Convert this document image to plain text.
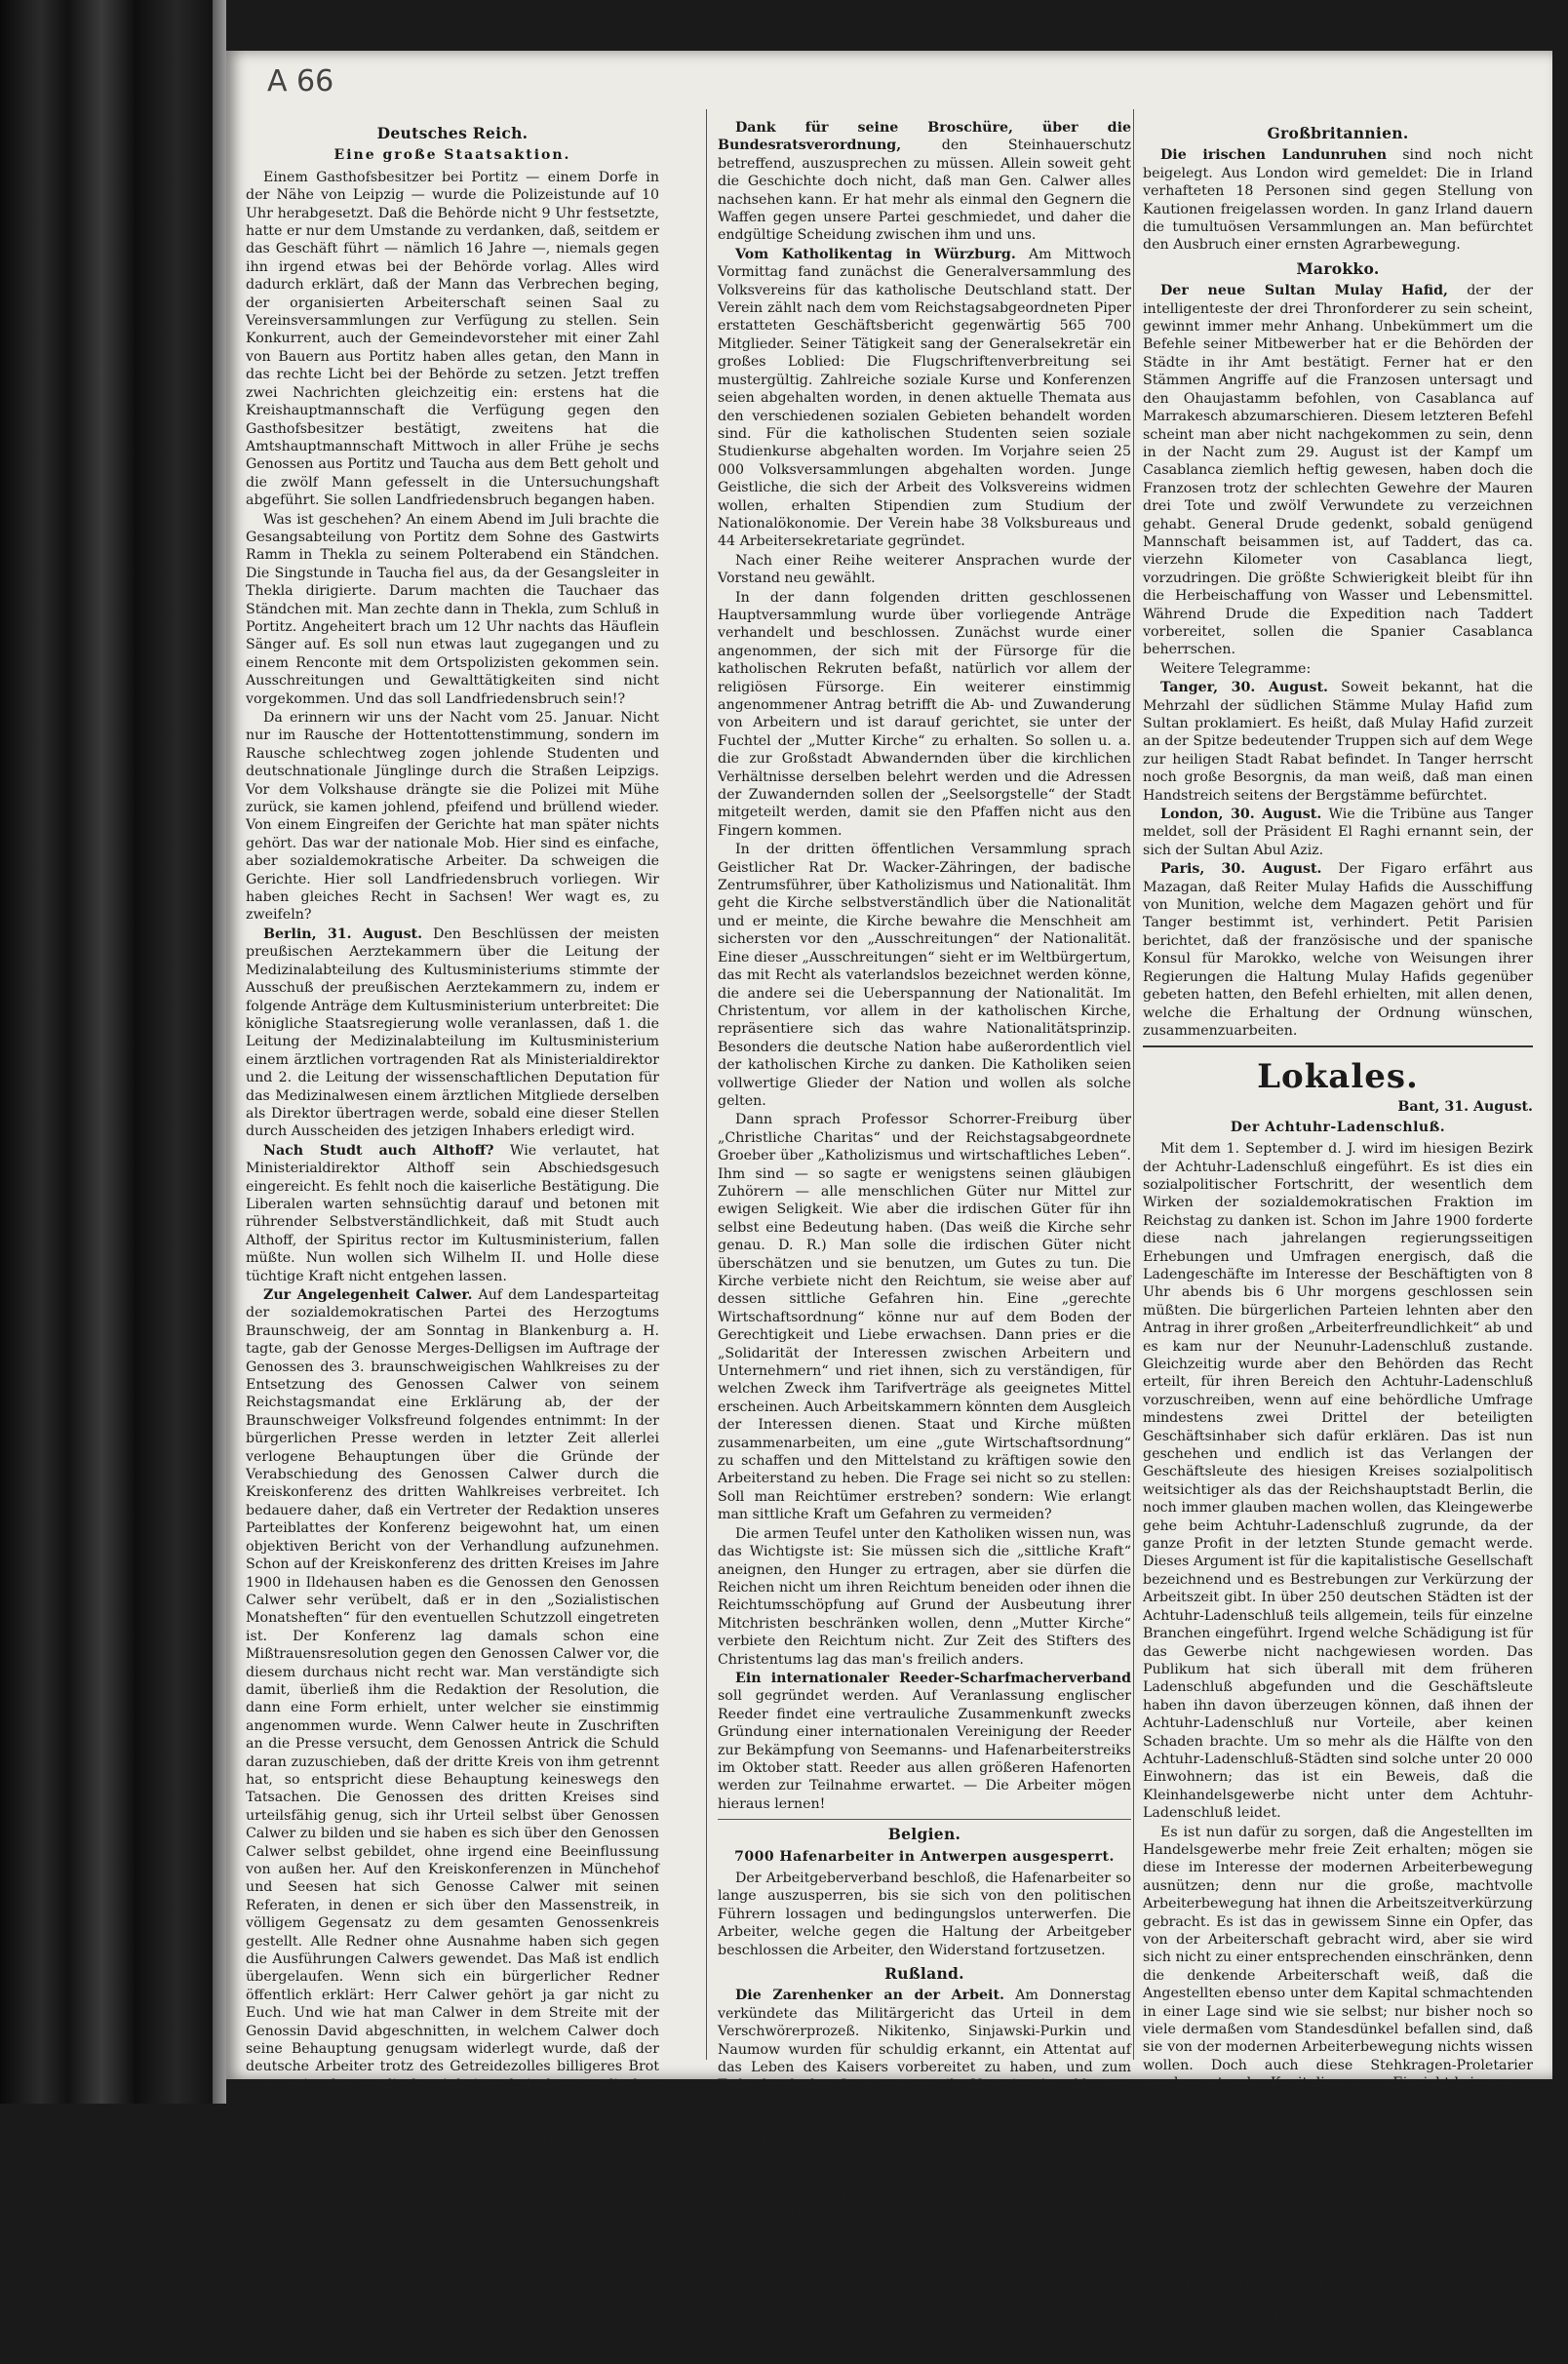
A 66
Deutsches Reich.
Eine große Staatsaktion.

Einem Gasthofsbesitzer bei Portitz — einem Dorfe in der Nähe von Leipzig — wurde die Polizeistunde auf 10 Uhr herabgesetzt. Daß die Behörde nicht 9 Uhr festsetzte, hatte er nur dem Umstande zu verdanken, daß, seitdem er das Geschäft führt — nämlich 16 Jahre —, niemals gegen ihn irgend etwas bei der Behörde vorlag. Alles wird dadurch erklärt, daß der Mann das Verbrechen beging, der organisierten Arbeiterschaft seinen Saal zu Vereinsversammlungen zur Verfügung zu stellen. Sein Konkurrent, auch der Gemeindevorsteher mit einer Zahl von Bauern aus Portitz haben alles getan, den Mann in das rechte Licht bei der Behörde zu setzen. Jetzt treffen zwei Nachrichten gleichzeitig ein: erstens hat die Kreishauptmannschaft die Verfügung gegen den Gasthofsbesitzer bestätigt, zweitens hat die Amtshauptmannschaft Mittwoch in aller Frühe je sechs Genossen aus Portitz und Taucha aus dem Bett geholt und die zwölf Mann gefesselt in die Untersuchungshaft abgeführt. Sie sollen Landfriedensbruch begangen haben.

Was ist geschehen? An einem Abend im Juli brachte die Gesangsabteilung von Portitz dem Sohne des Gastwirts Ramm in Thekla zu seinem Polterabend ein Ständchen. Die Singstunde in Taucha fiel aus, da der Gesangsleiter in Thekla dirigierte. Darum machten die Tauchaer das Ständchen mit. Man zechte dann in Thekla, zum Schluß in Portitz. Angeheitert brach um 12 Uhr nachts das Häuflein Sänger auf. Es soll nun etwas laut zugegangen und zu einem Renconte mit dem Ortspolizisten gekommen sein. Ausschreitungen und Gewalttätigkeiten sind nicht vorgekommen. Und das soll Landfriedensbruch sein!?

Da erinnern wir uns der Nacht vom 25. Januar. Nicht nur im Rausche der Hottentottenstimmung, sondern im Rausche schlechtweg zogen johlende Studenten und deutschnationale Jünglinge durch die Straßen Leipzigs. Vor dem Volkshause drängte sie die Polizei mit Mühe zurück, sie kamen johlend, pfeifend und brüllend wieder. Von einem Eingreifen der Gerichte hat man später nichts gehört. Das war der nationale Mob. Hier sind es einfache, aber sozialdemokratische Arbeiter. Da schweigen die Gerichte. Hier soll Landfriedensbruch vorliegen. Wir haben gleiches Recht in Sachsen! Wer wagt es, zu zweifeln?

Berlin, 31. August. Den Beschlüssen der meisten preußischen Aerztekammern über die Leitung der Medizinalabteilung des Kultusministeriums stimmte der Ausschuß der preußischen Aerztekammern zu, indem er folgende Anträge dem Kultusministerium unterbreitet: Die königliche Staatsregierung wolle veranlassen, daß 1. die Leitung der Medizinalabteilung im Kultusministerium einem ärztlichen vortragenden Rat als Ministerialdirektor und 2. die Leitung der wissenschaftlichen Deputation für das Medizinalwesen einem ärztlichen Mitgliede derselben als Direktor übertragen werde, sobald eine dieser Stellen durch Ausscheiden des jetzigen Inhabers erledigt wird.

Nach Studt auch Althoff? Wie verlautet, hat Ministerialdirektor Althoff sein Abschiedsgesuch eingereicht. Es fehlt noch die kaiserliche Bestätigung. Die Liberalen warten sehnsüchtig darauf und betonen mit rührender Selbstverständlichkeit, daß mit Studt auch Althoff, der Spiritus rector im Kultusministerium, fallen müßte. Nun wollen sich Wilhelm II. und Holle diese tüchtige Kraft nicht entgehen lassen.

Zur Angelegenheit Calwer. Auf dem Landesparteitag der sozialdemokratischen Partei des Herzogtums Braunschweig, der am Sonntag in Blankenburg a. H. tagte, gab der Genosse Merges-Delligsen im Auftrage der Genossen des 3. braunschweigischen Wahlkreises zu der Entsetzung des Genossen Calwer von seinem Reichstagsmandat eine Erklärung ab, der der Braunschweiger Volksfreund folgendes entnimmt: In der bürgerlichen Presse werden in letzter Zeit allerlei verlogene Behauptungen über die Gründe der Verabschiedung des Genossen Calwer durch die Kreiskonferenz des dritten Wahlkreises verbreitet. Ich bedauere daher, daß ein Vertreter der Redaktion unseres Parteiblattes der Konferenz beigewohnt hat, um einen objektiven Bericht von der Verhandlung aufzunehmen. Schon auf der Kreiskonferenz des dritten Kreises im Jahre 1900 in Ildehausen haben es die Genossen den Genossen Calwer sehr verübelt, daß er in den „Sozialistischen Monatsheften“ für den eventuellen Schutzzoll eingetreten ist. Der Konferenz lag damals schon eine Mißtrauensresolution gegen den Genossen Calwer vor, die diesem durchaus nicht recht war. Man verständigte sich damit, überließ ihm die Redaktion der Resolution, die dann eine Form erhielt, unter welcher sie einstimmig angenommen wurde. Wenn Calwer heute in Zuschriften an die Presse versucht, dem Genossen Antrick die Schuld daran zuzuschieben, daß der dritte Kreis von ihm getrennt hat, so entspricht diese Behauptung keineswegs den Tatsachen. Die Genossen des dritten Kreises sind urteilsfähig genug, sich ihr Urteil selbst über Genossen Calwer zu bilden und sie haben es sich über den Genossen Calwer selbst gebildet, ohne irgend eine Beeinflussung von außen her. Auf den Kreiskonferenzen in Münchehof und Seesen hat sich Genosse Calwer mit seinen Referaten, in denen er sich über den Massenstreik, in völligem Gegensatz zu dem gesamten Genossenkreis gestellt. Alle Redner ohne Ausnahme haben sich gegen die Ausführungen Calwers gewendet. Das Maß ist endlich übergelaufen. Wenn sich ein bürgerlicher Redner öffentlich erklärt: Herr Calwer gehört ja gar nicht zu Euch. Und wie hat man Calwer in dem Streite mit der Genossin David abgeschnitten, in welchem Calwer doch seine Behauptung genugsam widerlegt wurde, daß der deutsche Arbeiter trotz des Getreidezolles billigeres Brot esse, wie der englische Arbeiter bei dem englischen Freihandelsprinzip. Genosse Calwer hatte sich gerade Achtung bei Kreise erworben. Noch auf der letzten Konferenz erklärte ein Stadtoldendorfer Delegierter dem Genossen Calwer seinen

Dank für seine Broschüre, über die Bundesratsverordnung, den Steinhauerschutz betreffend, auszusprechen zu müssen. Allein soweit geht die Geschichte doch nicht, daß man Gen. Calwer alles nachsehen kann. Er hat mehr als einmal den Gegnern die Waffen gegen unsere Partei geschmiedet, und daher die endgültige Scheidung zwischen ihm und uns.

Vom Katholikentag in Würzburg. Am Mittwoch Vormittag fand zunächst die Generalversammlung des Volksvereins für das katholische Deutschland statt. Der Verein zählt nach dem vom Reichstagsabgeordneten Piper erstatteten Geschäftsbericht gegenwärtig 565 700 Mitglieder. Seiner Tätigkeit sang der Generalsekretär ein großes Loblied: Die Flugschriftenverbreitung sei mustergültig. Zahlreiche soziale Kurse und Konferenzen seien abgehalten worden, in denen aktuelle Themata aus den verschiedenen sozialen Gebieten behandelt worden sind. Für die katholischen Studenten seien soziale Studienkurse abgehalten worden. Im Vorjahre seien 25 000 Volksversammlungen abgehalten worden. Junge Geistliche, die sich der Arbeit des Volksvereins widmen wollen, erhalten Stipendien zum Studium der Nationalökonomie. Der Verein habe 38 Volksbureaus und 44 Arbeitersekretariate gegründet.

Nach einer Reihe weiterer Ansprachen wurde der Vorstand neu gewählt.

In der dann folgenden dritten geschlossenen Hauptversammlung wurde über vorliegende Anträge verhandelt und beschlossen. Zunächst wurde einer angenommen, der sich mit der Fürsorge für die katholischen Rekruten befaßt, natürlich vor allem der religiösen Fürsorge. Ein weiterer einstimmig angenommener Antrag betrifft die Ab- und Zuwanderung von Arbeitern und ist darauf gerichtet, sie unter der Fuchtel der „Mutter Kirche“ zu erhalten. So sollen u. a. die zur Großstadt Abwandernden über die kirchlichen Verhältnisse derselben belehrt werden und die Adressen der Zuwandernden sollen der „Seelsorgstelle“ der Stadt mitgeteilt werden, damit sie den Pfaffen nicht aus den Fingern kommen.

In der dritten öffentlichen Versammlung sprach Geistlicher Rat Dr. Wacker-Zähringen, der badische Zentrumsführer, über Katholizismus und Nationalität. Ihm geht die Kirche selbstverständlich über die Nationalität und er meinte, die Kirche bewahre die Menschheit am sichersten vor den „Ausschreitungen“ der Nationalität. Eine dieser „Ausschreitungen“ sieht er im Weltbürgertum, das mit Recht als vaterlandslos bezeichnet werden könne, die andere sei die Ueberspannung der Nationalität. Im Christentum, vor allem in der katholischen Kirche, repräsentiere sich das wahre Nationalitätsprinzip. Besonders die deutsche Nation habe außerordentlich viel der katholischen Kirche zu danken. Die Katholiken seien vollwertige Glieder der Nation und wollen als solche gelten.

Dann sprach Professor Schorrer-Freiburg über „Christliche Charitas“ und der Reichstagsabgeordnete Groeber über „Katholizismus und wirtschaftliches Leben“. Ihm sind — so sagte er wenigstens seinen gläubigen Zuhörern — alle menschlichen Güter nur Mittel zur ewigen Seligkeit. Wie aber die irdischen Güter für ihn selbst eine Bedeutung haben. (Das weiß die Kirche sehr genau. D. R.) Man solle die irdischen Güter nicht überschätzen und sie benutzen, um Gutes zu tun. Die Kirche verbiete nicht den Reichtum, sie weise aber auf dessen sittliche Gefahren hin. Eine „gerechte Wirtschaftsordnung“ könne nur auf dem Boden der Gerechtigkeit und Liebe erwachsen. Dann pries er die „Solidarität der Interessen zwischen Arbeitern und Unternehmern“ und riet ihnen, sich zu verständigen, für welchen Zweck ihm Tarifverträge als geeignetes Mittel erscheinen. Auch Arbeitskammern könnten dem Ausgleich der Interessen dienen. Staat und Kirche müßten zusammenarbeiten, um eine „gute Wirtschaftsordnung“ zu schaffen und den Mittelstand zu kräftigen sowie den Arbeiterstand zu heben. Die Frage sei nicht so zu stellen: Soll man Reichtümer erstreben? sondern: Wie erlangt man sittliche Kraft um Gefahren zu vermeiden?

Die armen Teufel unter den Katholiken wissen nun, was das Wichtigste ist: Sie müssen sich die „sittliche Kraft“ aneignen, den Hunger zu ertragen, aber sie dürfen die Reichen nicht um ihren Reichtum beneiden oder ihnen die Reichtumsschöpfung auf Grund der Ausbeutung ihrer Mitchristen beschränken wollen, denn „Mutter Kirche“ verbiete den Reichtum nicht. Zur Zeit des Stifters des Christentums lag das man's freilich anders.

Ein internationaler Reeder-Scharfmacherverband soll gegründet werden. Auf Veranlassung englischer Reeder findet eine vertrauliche Zusammenkunft zwecks Gründung einer internationalen Vereinigung der Reeder zur Bekämpfung von Seemanns- und Hafenarbeiterstreiks im Oktober statt. Reeder aus allen größeren Hafenorten werden zur Teilnahme erwartet. — Die Arbeiter mögen hieraus lernen!

Belgien.
7000 Hafenarbeiter in Antwerpen ausgesperrt.

Der Arbeitgeberverband beschloß, die Hafenarbeiter so lange auszusperren, bis sie sich von den politischen Führern lossagen und bedingungslos unterwerfen. Die Arbeiter, welche gegen die Haltung der Arbeitgeber beschlossen die Arbeiter, den Widerstand fortzusetzen.

Rußland.

Die Zarenhenker an der Arbeit. Am Donnerstag verkündete das Militärgericht das Urteil in dem Verschwörerprozeß. Nikitenko, Sinjawski-Purkin und Naumow wurden für schuldig erkannt, ein Attentat auf das Leben des Kaisers vorbereitet zu haben, und zum Tode durch den Strang verurteilt. Von vier Angeklagten, die der Bildung einer Organisation zwecks Sturzes der bestehenden Regierungsform für schuldig erkannt worden, sind drei zu 8 Jahren und einer zu 4 Jahren Zwangsarbeit verurteilt worden. Fünf weitere wurden angesichts der Nichtanzeige der Verschwörung zur Ausweisung verurteilt unter gleichzeitigem Verlust aller Standesvorrechte. Sechs Angeklagte wurden freigesprochen, darunter Rechtsanwalt Feodossjew dessen Frau. — Ein echtes Blutureil!

Großbritannien.

Die irischen Landunruhen sind noch nicht beigelegt. Aus London wird gemeldet: Die in Irland verhafteten 18 Personen sind gegen Stellung von Kautionen freigelassen worden. In ganz Irland dauern die tumultuösen Versammlungen an. Man befürchtet den Ausbruch einer ernsten Agrarbewegung.

Marokko.

Der neue Sultan Mulay Hafid, der der intelligenteste der drei Thronforderer zu sein scheint, gewinnt immer mehr Anhang. Unbekümmert um die Befehle seiner Mitbewerber hat er die Behörden der Städte in ihr Amt bestätigt. Ferner hat er den Stämmen Angriffe auf die Franzosen untersagt und den Ohaujastamm befohlen, von Casablanca auf Marrakesch abzumarschieren. Diesem letzteren Befehl scheint man aber nicht nachgekommen zu sein, denn in der Nacht zum 29. August ist der Kampf um Casablanca ziemlich heftig gewesen, haben doch die Franzosen trotz der schlechten Gewehre der Mauren drei Tote und zwölf Verwundete zu verzeichnen gehabt. General Drude gedenkt, sobald genügend Mannschaft beisammen ist, auf Taddert, das ca. vierzehn Kilometer von Casablanca liegt, vorzudringen. Die größte Schwierigkeit bleibt für ihn die Herbeischaffung von Wasser und Lebensmittel. Während Drude die Expedition nach Taddert vorbereitet, sollen die Spanier Casablanca beherrschen.

Weitere Telegramme:

Tanger, 30. August. Soweit bekannt, hat die Mehrzahl der südlichen Stämme Mulay Hafid zum Sultan proklamiert. Es heißt, daß Mulay Hafid zurzeit an der Spitze bedeutender Truppen sich auf dem Wege zur heiligen Stadt Rabat befindet. In Tanger herrscht noch große Besorgnis, da man weiß, daß man einen Handstreich seitens der Bergstämme befürchtet.

London, 30. August. Wie die Tribüne aus Tanger meldet, soll der Präsident El Raghi ernannt sein, der sich der Sultan Abul Aziz.

Paris, 30. August. Der Figaro erfährt aus Mazagan, daß Reiter Mulay Hafids die Ausschiffung von Munition, welche dem Magazen gehört und für Tanger bestimmt ist, verhindert. Petit Parisien berichtet, daß der französische und der spanische Konsul für Marokko, welche von Weisungen ihrer Regierungen die Haltung Mulay Hafids gegenüber gebeten hatten, den Befehl erhielten, mit allen denen, welche die Erhaltung der Ordnung wünschen, zusammenzuarbeiten.

Lokales.
Bant, 31. August.
Der Achtuhr-Ladenschluß.

Mit dem 1. September d. J. wird im hiesigen Bezirk der Achtuhr-Ladenschluß eingeführt. Es ist dies ein sozialpolitischer Fortschritt, der wesentlich dem Wirken der sozialdemokratischen Fraktion im Reichstag zu danken ist. Schon im Jahre 1900 forderte diese nach jahrelangen regierungsseitigen Erhebungen und Umfragen energisch, daß die Ladengeschäfte im Interesse der Beschäftigten von 8 Uhr abends bis 6 Uhr morgens geschlossen sein müßten. Die bürgerlichen Parteien lehnten aber den Antrag in ihrer großen „Arbeiterfreundlichkeit“ ab und es kam nur der Neunuhr-Ladenschluß zustande. Gleichzeitig wurde aber den Behörden das Recht erteilt, für ihren Bereich den Achtuhr-Ladenschluß vorzuschreiben, wenn auf eine behördliche Umfrage mindestens zwei Drittel der beteiligten Geschäftsinhaber sich dafür erklären. Das ist nun geschehen und endlich ist das Verlangen der Geschäftsleute des hiesigen Kreises sozialpolitisch weitsichtiger als das der Reichshauptstadt Berlin, die noch immer glauben machen wollen, das Kleingewerbe gehe beim Achtuhr-Ladenschluß zugrunde, da der ganze Profit in der letzten Stunde gemacht werde. Dieses Argument ist für die kapitalistische Gesellschaft bezeichnend und es Bestrebungen zur Verkürzung der Arbeitszeit gibt. In über 250 deutschen Städten ist der Achtuhr-Ladenschluß teils allgemein, teils für einzelne Branchen eingeführt. Irgend welche Schädigung ist für das Gewerbe nicht nachgewiesen worden. Das Publikum hat sich überall mit dem früheren Ladenschluß abgefunden und die Geschäftsleute haben ihn davon überzeugen können, daß ihnen der Achtuhr-Ladenschluß nur Vorteile, aber keinen Schaden brachte. Um so mehr als die Hälfte von den Achtuhr-Ladenschluß-Städten sind solche unter 20 000 Einwohnern; das ist ein Beweis, daß die Kleinhandelsgewerbe nicht unter dem Achtuhr-Ladenschluß leidet.

Es ist nun dafür zu sorgen, daß die Angestellten im Handelsgewerbe mehr freie Zeit erhalten; mögen sie diese im Interesse der modernen Arbeiterbewegung ausnützen; denn nur die große, machtvolle Arbeiterbewegung hat ihnen die Arbeitszeitverkürzung gebracht. Es ist das in gewissem Sinne ein Opfer, das von der Arbeiterschaft gebracht wird, aber sie wird sich nicht zu einer entsprechenden einschränken, denn die denkende Arbeiterschaft weiß, daß die Angestellten ebenso unter dem Kapital schmachtenden in einer Lage sind wie sie selbst; nur bisher noch so viele dermaßen vom Standesdünkel befallen sind, daß sie von der modernen Arbeiterbewegung nichts wissen wollen. Doch auch diese Stehkragen-Proletarier werden unter der Kapitalismus zur Einsicht bringen.

Die Geschäftsleute Wilhelmshaven-Rüstringens werden nun sicher nicht von solchem Kleinkrämergeist befallen sein, daß sie den Behörden Anlaß geben, die Bestimmungen durch Zwang und Strafanzeigen zur Geltung zu bringen. Sie mögen bedenken, daß sie durch die frühere Schließung der Geschäfte an Licht und sonstigen Geschäftsunkosten sparen. Wenn alle Geschäftsleute strikte auf pünktlichen Ladenschluß halten, so gewöhnt sich das Publikum bald an die Neuerung gewöhnen.

Simplizissimusabend. Die erste Veranstaltung des Bildungsausschusses wird am Mittwoch abend in Sadewassers Tivoli stattfinden. Das uns vorliegende Programm für diesen Abend ist sehr reichhaltiges und verspricht
